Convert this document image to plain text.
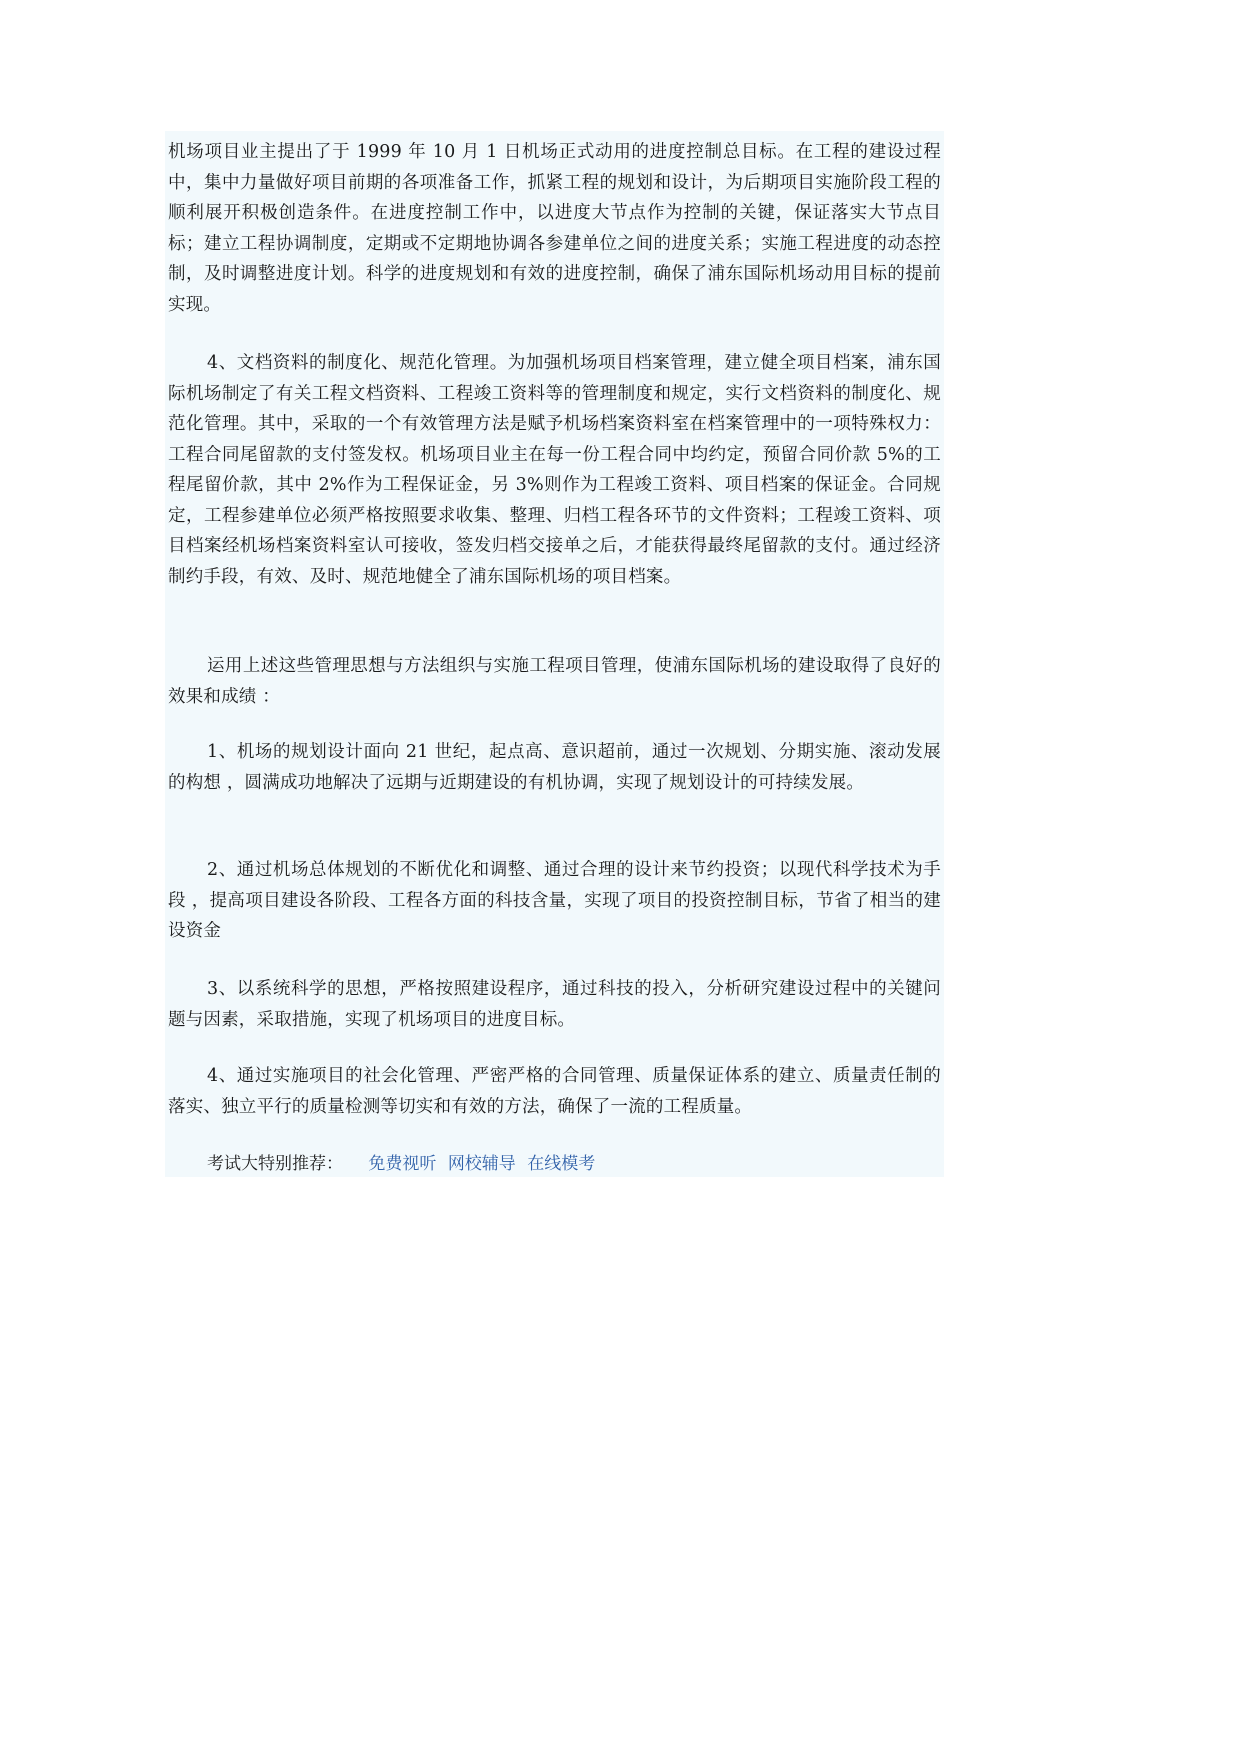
机场项目业主提出了于 1999 年 10 月 1 日机场正式动用的进度控制总目标。在工程的建设过程中，集中力量做好项目前期的各项准备工作，抓紧工程的规划和设计，为后期项目实施阶段工程的顺利展开积极创造条件。在进度控制工作中，以进度大节点作为控制的关键，保证落实大节点目标；建立工程协调制度，定期或不定期地协调各参建单位之间的进度关系；实施工程进度的动态控制，及时调整进度计划。科学的进度规划和有效的进度控制，确保了浦东国际机场动用目标的提前实现。

4、文档资料的制度化、规范化管理。为加强机场项目档案管理，建立健全项目档案，浦东国际机场制定了有关工程文档资料、工程竣工资料等的管理制度和规定，实行文档资料的制度化、规范化管理。其中，采取的一个有效管理方法是赋予机场档案资料室在档案管理中的一项特殊权力：工程合同尾留款的支付签发权。机场项目业主在每一份工程合同中均约定，预留合同价款 5%的工程尾留价款，其中 2%作为工程保证金，另 3%则作为工程竣工资料、项目档案的保证金。合同规定，工程参建单位必须严格按照要求收集、整理、归档工程各环节的文件资料；工程竣工资料、项目档案经机场档案资料室认可接收，签发归档交接单之后，才能获得最终尾留款的支付。通过经济制约手段，有效、及时、规范地健全了浦东国际机场的项目档案。

运用上述这些管理思想与方法组织与实施工程项目管理，使浦东国际机场的建设取得了良好的效果和成绩 ：

1、机场的规划设计面向 21 世纪，起点高、意识超前，通过一次规划、分期实施、滚动发展的构想 ，圆满成功地解决了远期与近期建设的有机协调，实现了规划设计的可持续发展。

2、通过机场总体规划的不断优化和调整、通过合理的设计来节约投资；以现代科学技术为手段 ，提高项目建设各阶段、工程各方面的科技含量，实现了项目的投资控制目标，节省了相当的建设资金

3、以系统科学的思想，严格按照建设程序，通过科技的投入，分析研究建设过程中的关键问题与因素，采取措施，实现了机场项目的进度目标。

4、通过实施项目的社会化管理、严密严格的合同管理、质量保证体系的建立、质量责任制的落实、独立平行的质量检测等切实和有效的方法，确保了一流的工程质量。

考试大特别推荐： 免费视听 网校辅导 在线模考
